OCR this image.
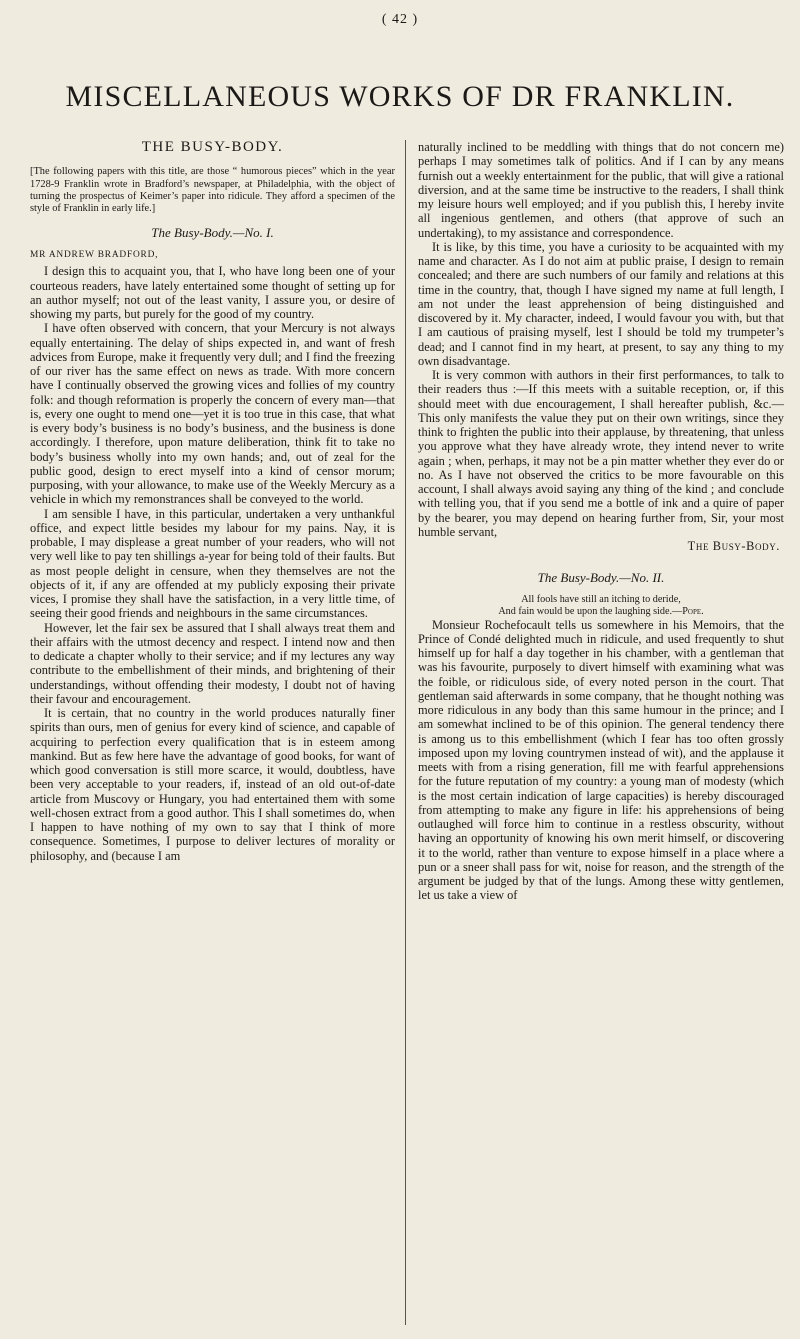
( 42 )
MISCELLANEOUS WORKS OF DR FRANKLIN.
THE BUSY-BODY.

[The following papers with this title, are those “ humorous pieces” which in the year 1728-9 Franklin wrote in Bradford’s newspaper, at Philadelphia, with the object of turning the prospectus of Keimer’s paper into ridicule. They afford a specimen of the style of Franklin in early life.]

The Busy-Body.—No. I.
MR ANDREW BRADFORD,

I design this to acquaint you, that I, who have long been one of your courteous readers, have lately entertained some thought of setting up for an author myself; not out of the least vanity, I assure you, or desire of showing my parts, but purely for the good of my country.

I have often observed with concern, that your Mercury is not always equally entertaining. The delay of ships expected in, and want of fresh advices from Europe, make it frequently very dull; and I find the freezing of our river has the same effect on news as trade. With more concern have I continually observed the growing vices and follies of my country folk: and though reformation is properly the concern of every man—that is, every one ought to mend one—yet it is too true in this case, that what is every body’s business is no body’s business, and the business is done accordingly. I therefore, upon mature deliberation, think fit to take no body’s business wholly into my own hands; and, out of zeal for the public good, design to erect myself into a kind of censor morum; purposing, with your allowance, to make use of the Weekly Mercury as a vehicle in which my remonstrances shall be conveyed to the world.

I am sensible I have, in this particular, undertaken a very unthankful office, and expect little besides my labour for my pains. Nay, it is probable, I may displease a great number of your readers, who will not very well like to pay ten shillings a-year for being told of their faults. But as most people delight in censure, when they themselves are not the objects of it, if any are offended at my publicly exposing their private vices, I promise they shall have the satisfaction, in a very little time, of seeing their good friends and neighbours in the same circumstances.

However, let the fair sex be assured that I shall always treat them and their affairs with the utmost decency and respect. I intend now and then to dedicate a chapter wholly to their service; and if my lectures any way contribute to the embellishment of their minds, and brightening of their understandings, without offending their modesty, I doubt not of having their favour and encouragement.

It is certain, that no country in the world produces naturally finer spirits than ours, men of genius for every kind of science, and capable of acquiring to perfection every qualification that is in esteem among mankind. But as few here have the advantage of good books, for want of which good conversation is still more scarce, it would, doubtless, have been very acceptable to your readers, if, instead of an old out-of-date article from Muscovy or Hungary, you had entertained them with some well-chosen extract from a good author. This I shall sometimes do, when I happen to have nothing of my own to say that I think of more consequence. Sometimes, I purpose to deliver lectures of morality or philosophy, and (because I am

naturally inclined to be meddling with things that do not concern me) perhaps I may sometimes talk of politics. And if I can by any means furnish out a weekly entertainment for the public, that will give a rational diversion, and at the same time be instructive to the readers, I shall think my leisure hours well employed; and if you publish this, I hereby invite all ingenious gentlemen, and others (that approve of such an undertaking), to my assistance and correspondence.

It is like, by this time, you have a curiosity to be acquainted with my name and character. As I do not aim at public praise, I design to remain concealed; and there are such numbers of our family and relations at this time in the country, that, though I have signed my name at full length, I am not under the least apprehension of being distinguished and discovered by it. My character, indeed, I would favour you with, but that I am cautious of praising myself, lest I should be told my trumpeter’s dead; and I cannot find in my heart, at present, to say any thing to my own disadvantage.

It is very common with authors in their first performances, to talk to their readers thus :—If this meets with a suitable reception, or, if this should meet with due encouragement, I shall hereafter publish, &c.— This only manifests the value they put on their own writings, since they think to frighten the public into their applause, by threatening, that unless you approve what they have already wrote, they intend never to write again ; when, perhaps, it may not be a pin matter whether they ever do or no. As I have not observed the critics to be more favourable on this account, I shall always avoid saying any thing of the kind ; and conclude with telling you, that if you send me a bottle of ink and a quire of paper by the bearer, you may depend on hearing further from, Sir, your most humble servant,

The Busy-Body.
The Busy-Body.—No. II.
All fools have still an itching to deride,
And fain would be upon the laughing side.—Pope.

Monsieur Rochefocault tells us somewhere in his Memoirs, that the Prince of Condé delighted much in ridicule, and used frequently to shut himself up for half a day together in his chamber, with a gentleman that was his favourite, purposely to divert himself with examining what was the foible, or ridiculous side, of every noted person in the court. That gentleman said afterwards in some company, that he thought nothing was more ridiculous in any body than this same humour in the prince; and I am somewhat inclined to be of this opinion. The general tendency there is among us to this embellishment (which I fear has too often grossly imposed upon my loving countrymen instead of wit), and the applause it meets with from a rising generation, fill me with fearful apprehensions for the future reputation of my country: a young man of modesty (which is the most certain indication of large capacities) is hereby discouraged from attempting to make any figure in life: his apprehensions of being outlaughed will force him to continue in a restless obscurity, without having an opportunity of knowing his own merit himself, or discovering it to the world, rather than venture to expose himself in a place where a pun or a sneer shall pass for wit, noise for reason, and the strength of the argument be judged by that of the lungs. Among these witty gentlemen, let us take a view of
